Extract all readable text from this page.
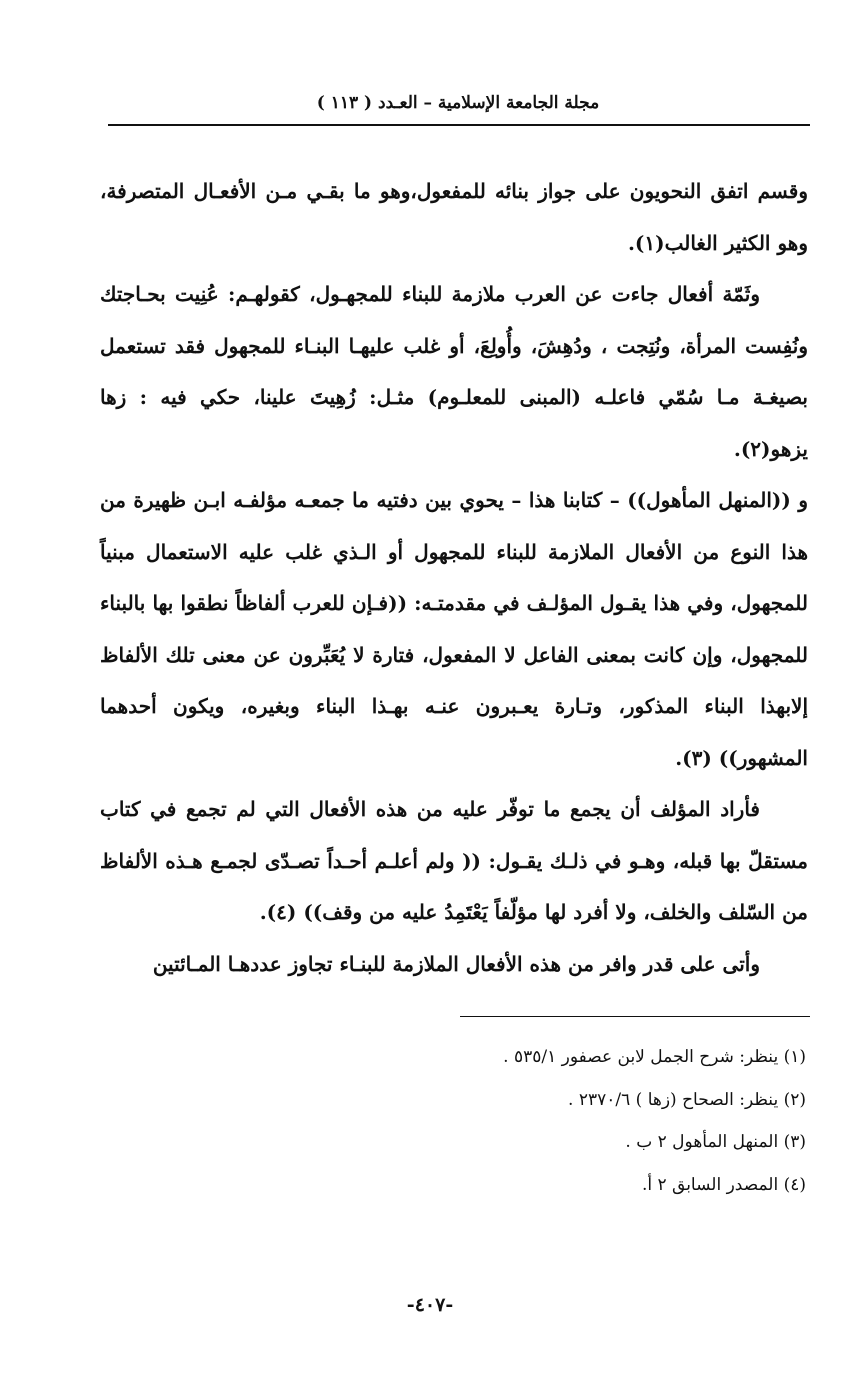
مجلة الجامعة الإسلامية – العـدد ( ١١٣ )

وقسم اتفق النحويون على جواز بنائه للمفعول،وهو ما بقـي مـن الأفعـال المتصرفة، وهو الكثير الغالب(١).

وثَمّة أفعال جاءت عن العرب ملازمة للبناء للمجهـول، كقولهـم: عُنِيت بحـاجتك ونُفِست المرأة، ونُتِجت ، ودُهِشَ، وأُولِعَ، أو غلب عليهـا البنـاء للمجهول فقد تستعمل بصيغـة مـا سُمّي فاعلـه (المبنى للمعلـوم) مثـل: زُهِيتَ علينا، حكي فيه : زها يزهو(٢).

و ((المنهل المأهول)) – كتابنا هذا – يحوي بين دفتيه ما جمعـه مؤلفـه ابـن ظهيرة من هذا النوع من الأفعال الملازمة للبناء للمجهول أو الـذي غلب عليه الاستعمال مبنياً للمجهول، وفي هذا يقـول المؤلـف في مقدمتـه: ((فـإن للعرب ألفاظاً نطقوا بها بالبناء للمجهول، وإن كانت بمعنى الفاعل لا المفعول، فتارة لا يُعَبِّرون عن معنى تلك الألفاظ إلابهذا البناء المذكور، وتـارة يعـبرون عنـه بهـذا البناء وبغيره، ويكون أحدهما المشهور)) (٣).

فأراد المؤلف أن يجمع ما توفّر عليه من هذه الأفعال التي لم تجمع في كتاب مستقلّ بها قبله، وهـو في ذلـك يقـول: (( ولم أعلـم أحـداً تصـدّى لجمـع هـذه الألفاظ من السّلف والخلف، ولا أفرد لها مؤلّفاً يَعْتَمِدُ عليه من وقف)) (٤).

وأتى على قدر وافر من هذه الأفعال الملازمة للبنـاء تجاوز عددهـا المـائتين

(١) ينظر: شرح الجمل لابن عصفور ٥٣٥/١ .

(٢) ينظر: الصحاح (زها ) ٢٣٧٠/٦ .

(٣) المنهل المأهول ٢ ب .

(٤) المصدر السابق ٢ أ.

-٤٠٧-
